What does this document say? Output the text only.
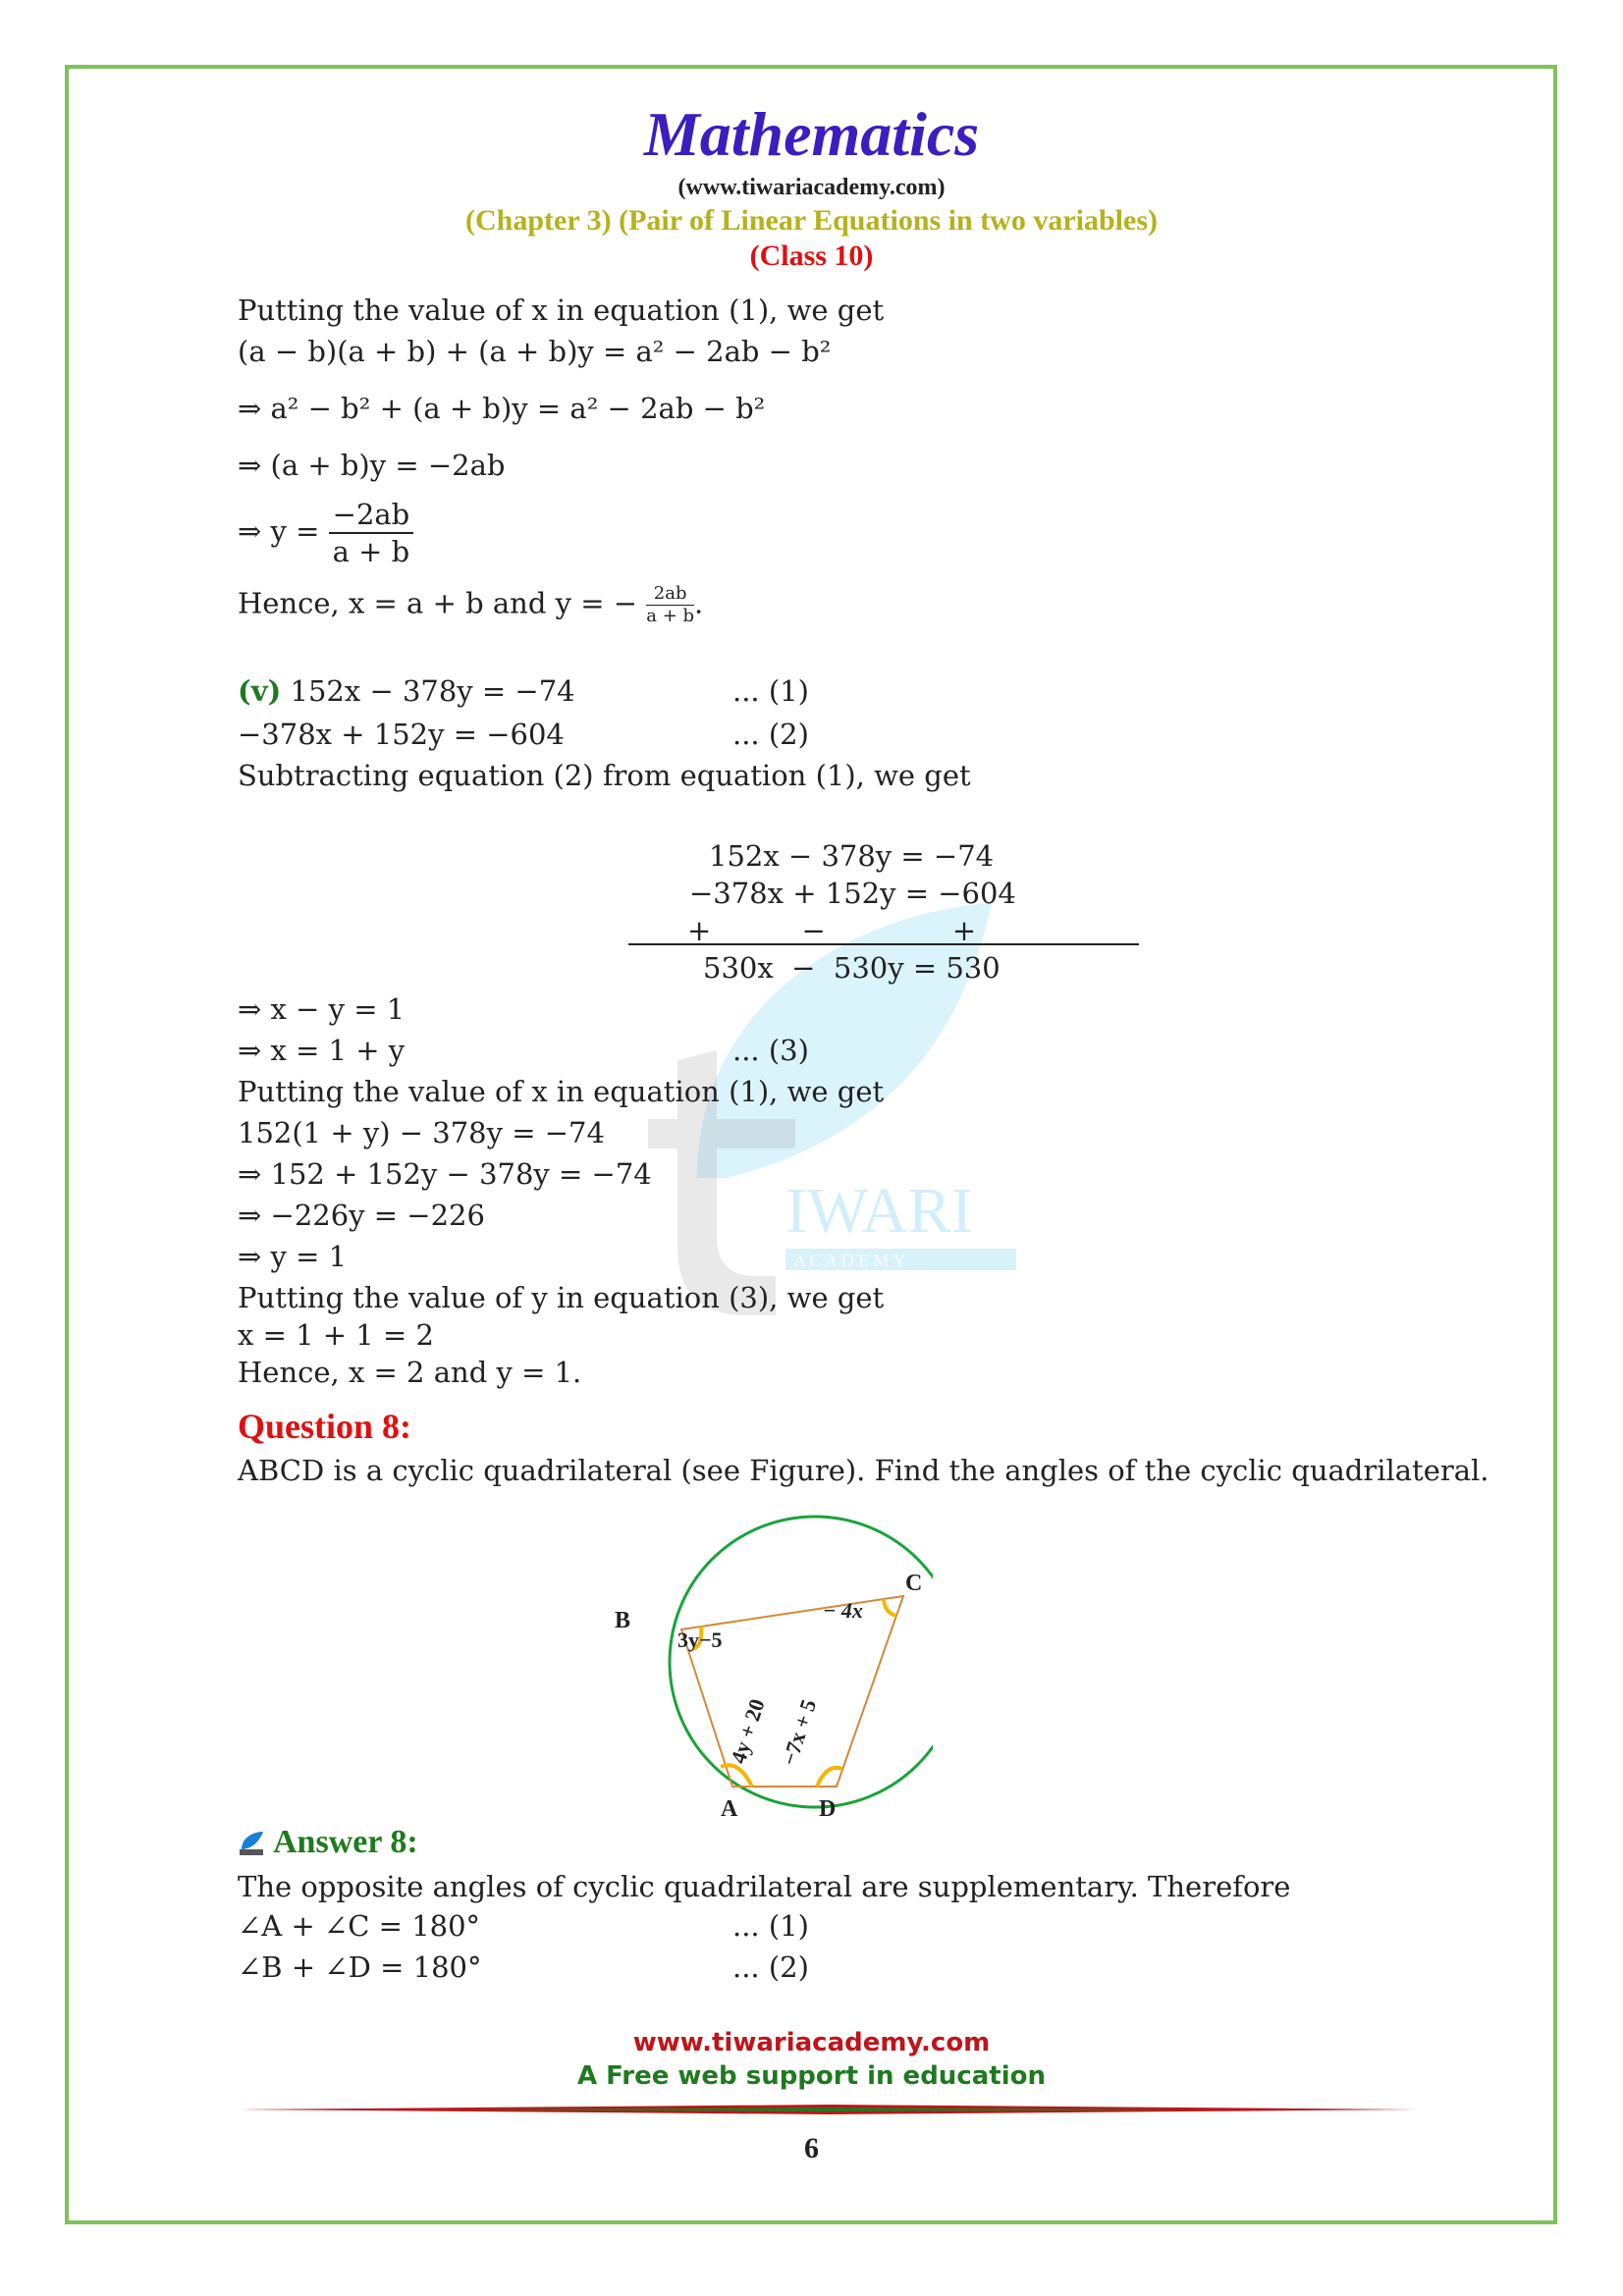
IWARI
A C A D E M Y
Mathematics
(www.tiwariacademy.com)
(Chapter 3) (Pair of Linear Equations in two variables)
(Class 10)
Putting the value of x in equation (1), we get
(a − b)(a + b) + (a + b)y = a² − 2ab − b²
⇒ a² − b² + (a + b)y = a² − 2ab − b²
⇒ (a + b)y = −2ab
⇒ $y = \frac{-2ab}{a + b}$
Hence, x = a + b and y = − $\frac{2ab}{a + b}$.
(v) 152x − 378y = −74	... (1)
−378x + 152y = −604	... (2)
Subtracting equation (2) from equation (1), we get
152x − 378y = −74
−378x + 152y = −604
+          −              +
530x  −  530y = 530
⇒ x − y = 1
⇒ x = 1 + y	... (3)
Putting the value of x in equation (1), we get
152(1 + y) − 378y = −74
⇒ 152 + 152y − 378y = −74
⇒ −226y = −226
⇒ y = 1
Putting the value of y in equation (3), we get
x = 1 + 1 = 2
Hence, x = 2 and y = 1.
Question 8:
ABCD is a cyclic quadrilateral (see Figure). Find the angles of the cyclic quadrilateral.
B
C
A	D
3y−5
− 4x
4y + 20 −7x + 5
Answer 8:
The opposite angles of cyclic quadrilateral are supplementary. Therefore
∠A + ∠C = 180°	... (1)
∠B + ∠D = 180°	... (2)
www.tiwariacademy.com
A Free web support in education
6
